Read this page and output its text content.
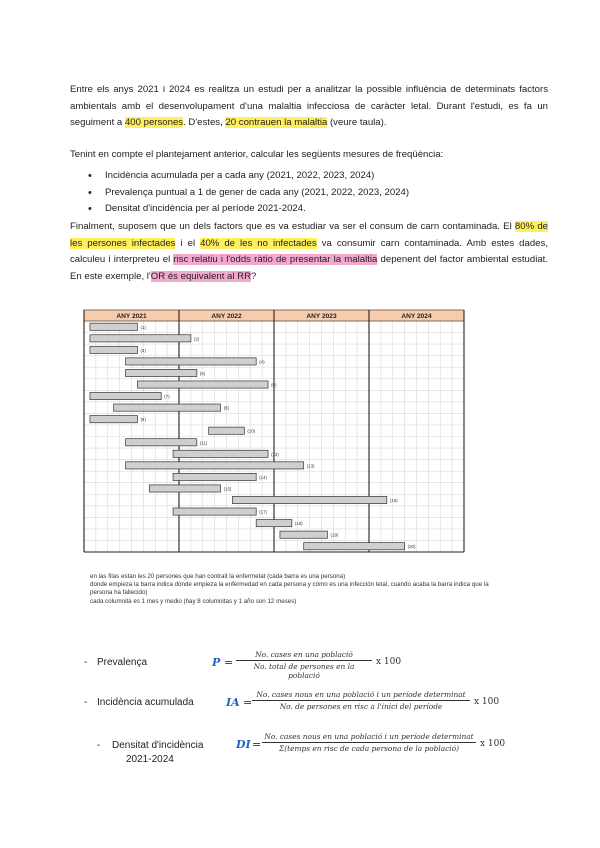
Entre els anys 2021 i 2024 es realitza un estudi per a analitzar la possible influència de determinats factors ambientals amb el desenvolupament d'una malaltia infecciosa de caràcter letal. Durant l'estudi, es fa un seguiment a 400 persones. D'estes, 20 contrauen la malaltia (veure taula).
Tenint en compte el plantejament anterior, calcular les següents mesures de freqüència:
• Incidència acumulada per a cada any (2021, 2022, 2023, 2024)
• Prevalença puntual a 1 de gener de cada any (2021, 2022, 2023, 2024)
• Densitat d'incidència per al període 2021-2024.
Finalment, suposem que un dels factors que es va estudiar va ser el consum de carn contaminada. El 80% de les persones infectades i el 40% de les no infectades va consumir carn contaminada. Amb estes dades, calculeu i interpreteu el risc relatiu i l'odds ràtio de presentar la malaltia depenent del factor ambiental estudiat. En este exemple, l'OR és equivalent al RR?
ANY 2021	ANY 2022	ANY 2023	ANY 2024
(1)
(2)
(3)
(4)
(5)
(6)
(7)
(8)
(9)
(10)
(11)
(12)
(13)
(14)
(15)
(16)
(17)
(18)
(19)
(20)
en las filas estan les 20 persones que han contrait la enfermetat (cada barra es una persona)
donde empieza la barra indica dónde empieza la enfermedad en cada persona y cómo es una infección letal, cuando acaba la barra indica que la persona ha fallecido)
cada columnita es 1 mes y medio (hay 8 columnitas y 1 año son 12 meses)
- Prevalença	P =
No. cases en una població
No. total de persones en la població
x 100
- Incidència acumulada	IA =
No. cases nous en una població i un període determinat
No. de persones en risc a l'inici del període	x 100
- Densitat d'incidència
2021-2024
DI =
No. cases nous en una població i un període determinat
Σ(temps en risc de cada persona de la població)	x 100
